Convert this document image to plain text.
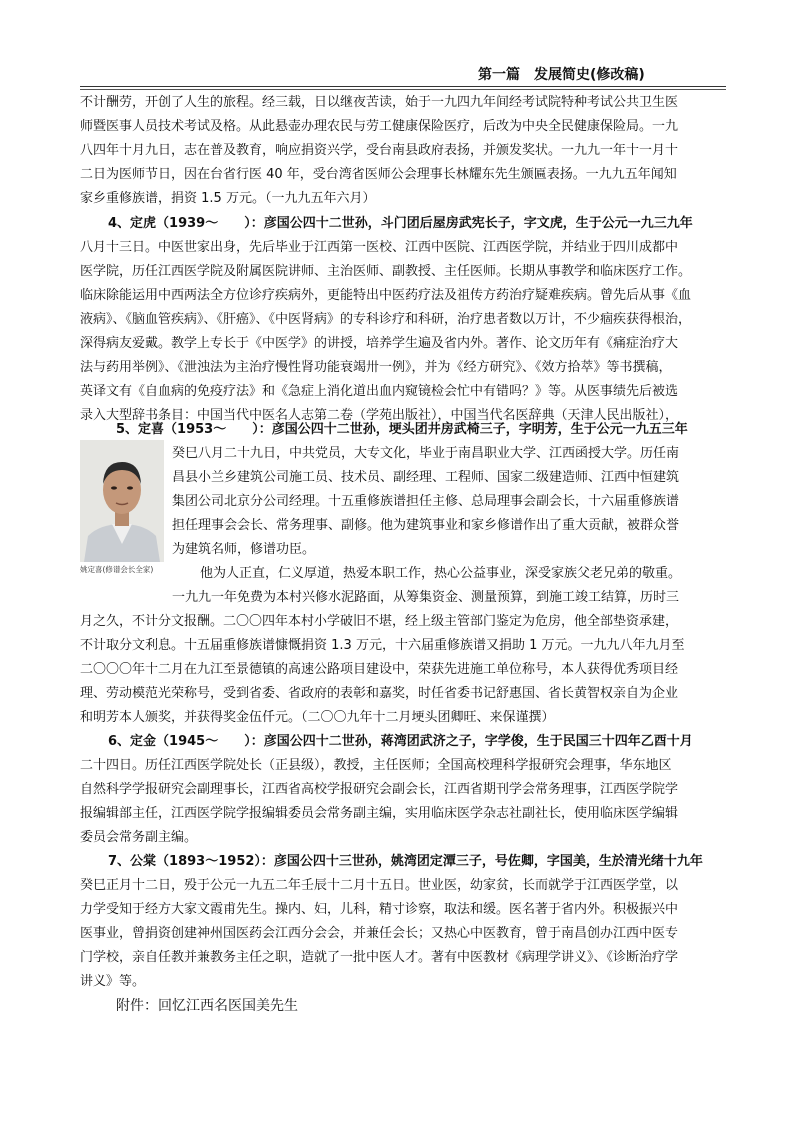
第一篇　发展简史(修改稿)
不计酬劳，开创了人生的旅程。经三载，日以继夜苦读，始于一九四九年间经考试院特种考试公共卫生医
师暨医事人员技术考试及格。从此悬壶办理农民与劳工健康保险医疗，后改为中央全民健康保险局。一九
八四年十月九日，志在普及教育，响应捐资兴学，受台南县政府表扬，并颁发奖状。一九九一年十一月十
二日为医师节日，因在台省行医 40 年，受台湾省医师公会理事长林耀东先生颁匾表扬。一九九五年闻知
家乡重修族谱，捐资 1.5 万元。（一九九五年六月）
4、定虎（1939～　　）：彦国公四十二世孙，斗门团后屋房武宪长子，字文虎，生于公元一九三九年
八月十三日。中医世家出身，先后毕业于江西第一医校、江西中医院、江西医学院，并结业于四川成都中
医学院，历任江西医学院及附属医院讲师、主治医师、副教授、主任医师。长期从事教学和临床医疗工作。
临床除能运用中西两法全方位诊疗疾病外，更能特出中医药疗法及祖传方药治疗疑难疾病。曾先后从事《血
液病》、《脑血管疾病》、《肝癌》、《中医肾病》的专科诊疗和科研，治疗患者数以万计，不少痼疾获得根治，
深得病友爱戴。教学上专长于《中医学》的讲授，培养学生遍及省内外。著作、论文历年有《痛症治疗大
法与药用举例》、《泄浊法为主治疗慢性肾功能衰竭卅一例》，并为《经方研究》、《效方拾萃》等书撰稿，
英译文有《自血病的免疫疗法》和《急症上消化道出血内窥镜检会忙中有错吗？》等。从医事绩先后被选
录入大型辞书条目：中国当代中医名人志第二卷（学苑出版社），中国当代名医辞典（天津人民出版社），
5、定喜（1953～　　）：彦国公四十二世孙，埂头团井房武椅三子，字明芳，生于公元一九五三年
姚定喜(修谱会长全家)
癸巳八月二十九日，中共党员，大专文化，毕业于南昌职业大学、江西函授大学。历任南
昌县小兰乡建筑公司施工员、技术员、副经理、工程师、国家二级建造师、江西中恒建筑
集团公司北京分公司经理。十五重修族谱担任主修、总局理事会副会长，十六届重修族谱
担任理事会会长、常务理事、副修。他为建筑事业和家乡修谱作出了重大贡献，被群众誉
为建筑名师，修谱功臣。
他为人正直，仁义厚道，热爱本职工作，热心公益事业，深受家族父老兄弟的敬重。
一九九一年免费为本村兴修水泥路面，从筹集资金、测量预算，到施工竣工结算，历时三
月之久，不计分文报酬。二〇〇四年本村小学破旧不堪，经上级主管部门鉴定为危房，他全部垫资承建，
不计取分文利息。十五届重修族谱慷慨捐资 1.3 万元，十六届重修族谱又捐助 1 万元。一九九八年九月至
二〇〇〇年十二月在九江至景德镇的高速公路项目建设中，荣获先进施工单位称号，本人获得优秀项目经
理、劳动模范光荣称号，受到省委、省政府的表彰和嘉奖，时任省委书记舒惠国、省长黄智权亲自为企业
和明芳本人颁奖，并获得奖金伍仟元。（二〇〇九年十二月埂头团卿旺、来保谨撰）
6、定金（1945～　　）：彦国公四十二世孙，蒋湾团武济之子，字学俊，生于民国三十四年乙酉十月
二十四日。历任江西医学院处长（正县级），教授，主任医师；全国高校理科学报研究会理事，华东地区
自然科学学报研究会副理事长，江西省高校学报研究会副会长，江西省期刊学会常务理事，江西医学院学
报编辑部主任，江西医学院学报编辑委员会常务副主编，实用临床医学杂志社副社长，使用临床医学编辑
委员会常务副主编。
7、公棠（1893～1952）：彦国公四十三世孙，姚湾团定潭三子，号佐卿，字国美，生於清光绪十九年
癸巳正月十二日，殁于公元一九五二年壬辰十二月十五日。世业医，幼家贫，长而就学于江西医学堂，以
力学受知于经方大家文霞甫先生。操内、妇，儿科，精寸诊察，取法和缓。医名著于省内外。积极振兴中
医事业，曾捐资创建神州国医药会江西分会会，并兼任会长；又热心中医教育，曾于南昌创办江西中医专
门学校，亲自任教并兼教务主任之职，造就了一批中医人才。著有中医教材《病理学讲义》、《诊断治疗学
讲义》等。
附件：回忆江西名医国美先生
